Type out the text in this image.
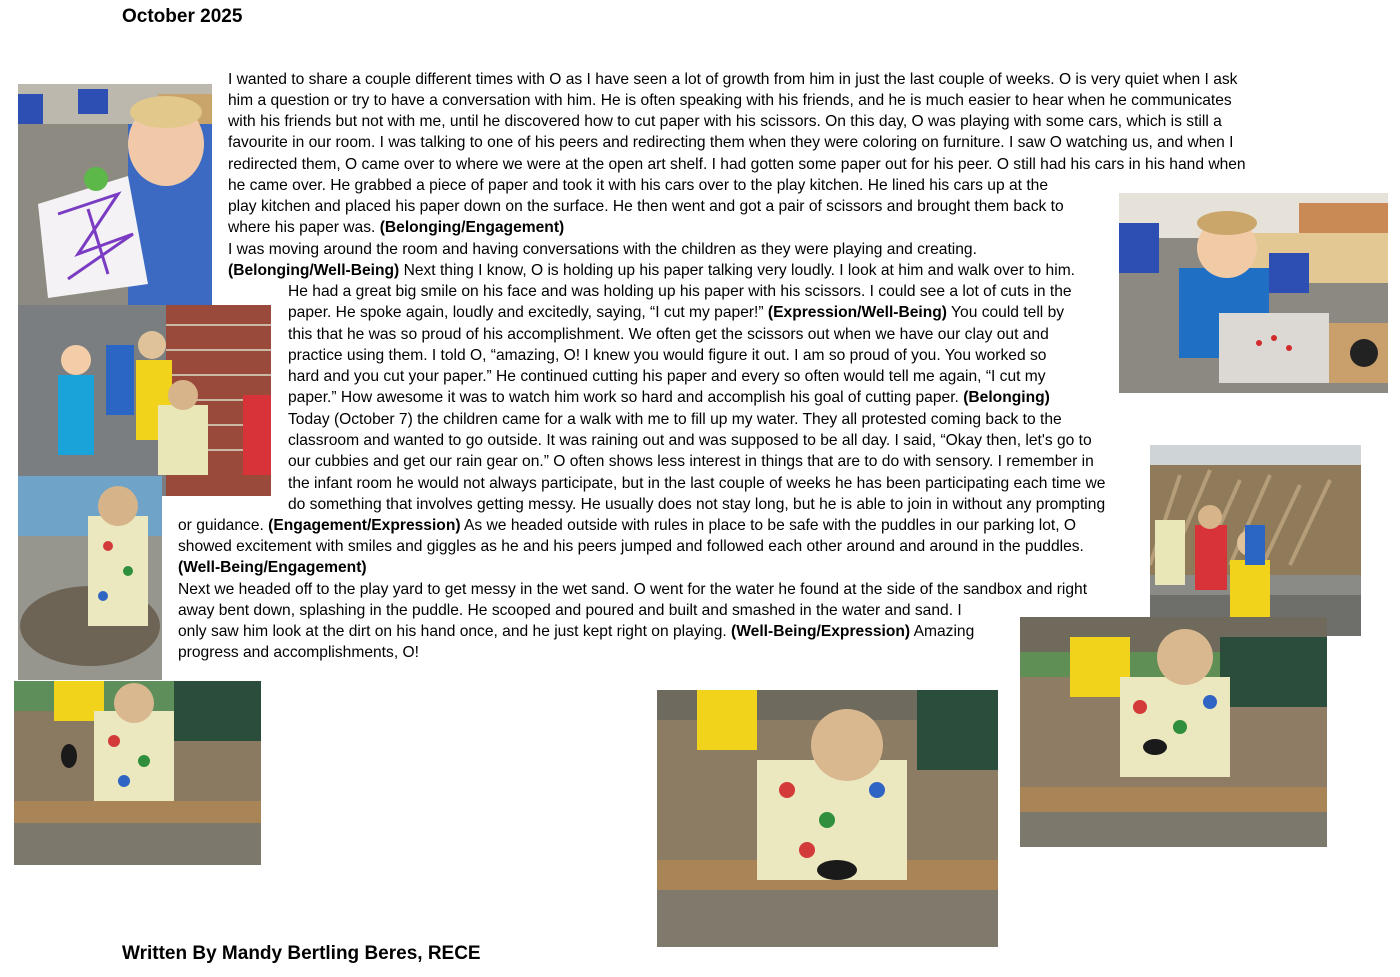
October 2025

I wanted to share a couple different times with O as I have seen a lot of growth from him in just the last couple of weeks. O is very quiet when I ask

him a question or try to have a conversation with him. He is often speaking with his friends, and he is much easier to hear when he communicates

with his friends but not with me, until he discovered how to cut paper with his scissors. On this day, O was playing with some cars, which is still a

favourite in our room. I was talking to one of his peers and redirecting them when they were coloring on furniture. I saw O watching us, and when I

redirected them, O came over to where we were at the open art shelf. I had gotten some paper out for his peer. O still had his cars in his hand when

he came over. He grabbed a piece of paper and took it with his cars over to the play kitchen. He lined his cars up at the

play kitchen and placed his paper down on the surface. He then went and got a pair of scissors and brought them back to

where his paper was. (Belonging/Engagement)

I was moving around the room and having conversations with the children as they were playing and creating.

(Belonging/Well-Being) Next thing I know, O is holding up his paper talking very loudly. I look at him and walk over to him.

He had a great big smile on his face and was holding up his paper with his scissors. I could see a lot of cuts in the

paper. He spoke again, loudly and excitedly, saying, “I cut my paper!” (Expression/Well-Being) You could tell by

this that he was so proud of his accomplishment. We often get the scissors out when we have our clay out and

practice using them. I told O, “amazing, O! I knew you would figure it out. I am so proud of you. You worked so

hard and you cut your paper.” He continued cutting his paper and every so often would tell me again, “I cut my

paper.” How awesome it was to watch him work so hard and accomplish his goal of cutting paper. (Belonging)

Today (October 7) the children came for a walk with me to fill up my water. They all protested coming back to the

classroom and wanted to go outside. It was raining out and was supposed to be all day. I said, “Okay then, let's go to

our cubbies and get our rain gear on.” O often shows less interest in things that are to do with sensory. I remember in

the infant room he would not always participate, but in the last couple of weeks he has been participating each time we

do something that involves getting messy. He usually does not stay long, but he is able to join in without any prompting

or guidance. (Engagement/Expression) As we headed outside with rules in place to be safe with the puddles in our parking lot, O

showed excitement with smiles and giggles as he and his peers jumped and followed each other around and around in the puddles.

(Well-Being/Engagement)

Next we headed off to the play yard to get messy in the wet sand. O went for the water he found at the side of the sandbox and right

away bent down, splashing in the puddle. He scooped and poured and built and smashed in the water and sand. I

only saw him look at the dirt on his hand once, and he just kept right on playing. (Well-Being/Expression) Amazing

progress and accomplishments, O!

Written By Mandy Bertling Beres, RECE
